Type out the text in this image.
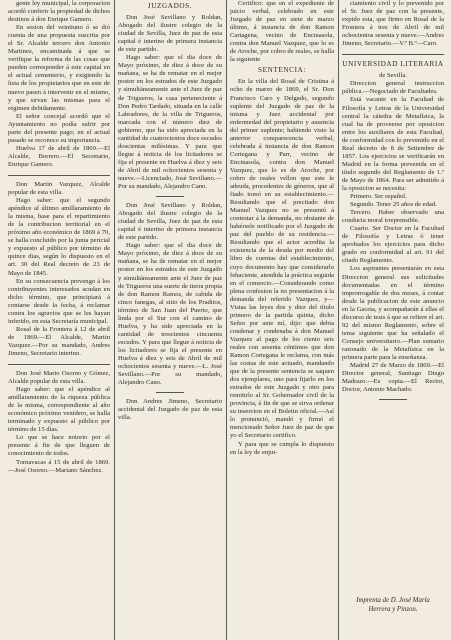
gente ley municipal, la corporacion acordó conferir la propiedad de dichos destinos á don Enrique Gamero.

En sesion del veintiuno ó se dió cuenta de una propuesta suscrita por el Sr. Alcalde tercero don Antonio Martinez, encaminada á que se verifique la reforma de las cosas que pueden corresponder á este capital en el actual cementerio, y exigiendo la lista de los propietarios que en este de nuevo pasen á intervenir en el mismo, y que sirvan las mismas para el régimen debidamente.

El señor concejal acordó que el Ayuntamiento no podía sufrir por parte del presente pago; en el actual pasado se reconoce su importancia.

Huelva 17 de abril de 1869.—El Alcalde, Borrero.—El Secretario, Enrique Gamero.

Don Martin Vazquez, Alcalde popular de esta villa.

Hago saber: que el segundo apéndice al último amillaramiento de la misma, base para el repartimiento de la contribucion territorial en el próximo año económico de 1869 á 70, se halla concluido por la junta pericial y expuesto al público por término de quince dias, según lo dispuesto en el art. 30 del Real decreto de 23 de Mayo de 1845.

En su consecuencia prevengo á los contribuyentes interesados acudan en dicho término, que principiará á contarse desde la fecha, á reclamar contra los agravios que se les hayan inferido, en esta Secretaría municipal.

Rosal de la Frontera á 12 de abril de 1869.—El Alcalde, Martin Vazquez.—Por su mandado, Andres Jimeno, Secretario interino.

Don José Mario Osorno y Gómez, Alcalde popular de esta villa.

Hago saber: que el apéndice al amillaramiento de la riqueza pública de la misma, correspondiente al año económico próximo venidero, se halla terminado y expuesto al público por término de 15 días.

Lo que se hace notorio por el presente á fin de que lleguen de conocimiento de todos.

Tornavacas á 15 de abril de 1869.—José Osorno.—Mariano Sánchez.

JUZGADOS.

Don José Sevillano y Roldan, Abogado del ilustre colegio de la ciudad de Sevilla, Juez de paz de esta capital é interino de primera instancia de este partido.

Hago saber: que el dia doce de Mayo próximo, de diez á doce de su mañana, se ha de rematar en el mejor postor en los estrados de este Juzgado y simultáneamente ante el Juez de paz de Trigueros, la casa perteneciente á Don Pedro Tardado, situada en la calle Labradores, de la villa de Trigueros, marcada con el número diez de gobierno, que ha sido apreciada en la cantidad de cuatrocientos doce escudos doscientas milésimas. Y para que llegue á noticia de los licitadores se fija el presente en Huelva á diez y seis de Abril de mil ochocientos sesenta y nueve.—Licenciado, José Sevillano.—Por su mandado, Alejandro Cano.

Don José Sevillano y Roldan, Abogado del ilustre colegio de la ciudad de Sevilla, Juez de paz de esta capital é interino de primera instancia de este partido.

Hago saber: que el dia doce de Mayo próximo, de diez á doce de su mañana, se ha de rematar en el mejor postor en los estrados de este Juzgado y simultáneamente ante el Juez de paz de Trigueros una suerte de tierra propia de don Ramon Ramos, de cabida de cinco fanegas, al sitio de los Praditos, término de San Juan del Puerto, que linda por el Sur con el camino de Huelva, y ha sido apreciada en la cantidad de trescientos cincuenta escudos. Y para que llegue á noticia de los licitadores se fija el presente en Huelva á diez y seis de Abril de mil ochocientos sesenta y nueve.—L. José Sevillano.—Por su mandado, Alejandro Cano.

Don Andres Jimeno, Secretario accidental del Juzgado de paz de esta villa.

Certifico: que en el expediente de juicio verbal, celebrado en este Juzgado de paz en siete de marzo último, á instancia de don Ramon Cartagena, vecino de Encinasola, contra don Manuel Vazquez, que lo es de Aroche, por cobro de reales, se halla la siguiente

SENTENCIA:

En la villa del Rosal de Cristina á ocho de marzo de 1869, el Sr. Don Francisco Caro y Delgado, segundo suplente del Juzgado de paz de la misma y Juez accidental por enfermedad del propietario y ausencia del primer suplente; habiendo visto la anterior comparecencia verbal, celebrada á instancia de don Ramon Cortegana y Parr, vecino de Encinasola, contra don Manuel Vazquez, que lo es de Aroche, por cobro de reales vellon que este le adeuda, procedentes de géneros, que al fiado tomó en su establecimiento.—Resultando que el precitado don Manuel Vazquez no se presentó á contestar á la demanda, no obstante de habérsele notificado por el Juzgado de paz del pueblo de su residencia.—Resultando que el actor acredita la existencia de la deuda por medio del libro de cuentas del establecimiento, cuyo documento hay que considerarlo fehaciente, atendida la práctica seguida en el comercio.—Considerando como plena confesion la no presentacion á la demanda del referido Vazquez, y—Vistas las leyes dos y diez del título primero de la partida quinta, dicho Señor por ante mí, dijo: que debia condenar y condenaba á don Manuel Vazquez al pago de los ciento seis reales con sesenta céntimos que don Ramon Cortegana le reclama, con más las costas de este actuado, mandando que de la presente sentencia se saquen dos ejemplares, uno para fijarlo en los estrados de este Juzgado y otro para remitirlo al Sr. Gobernador civil de la provincia, á fin de que se sirva ordenar su insercion en el Boletin oficial.—Así lo pronunció, mandó y firmó el mencionado Señor Juez de paz de que yo el Secretario certifico.

Y para que se cumpla lo dispuesto en la ley de enjui-

ciamiento civil y lo prevenido por el Sr. Juez de paz con la presente, expido esta, que firmo en Rosal de la Frontera á tres de Abril de mil ochocientos sesenta y nueve.—Andres Jimeno, Secretario.—V.º B.º—Caro.

UNIVERSIDAD LITERARIA
de Sevilla.

Direccion general instruccion pública.—Negociado de Facultades.

Está vacante en la Facultad de Filosofía y Letras de la Universidad central la cátedra de Metafísica, la cual ha de proveerse por oposicion entre los auxiliares de esta Facultad, de conformidad con lo prevenido en el Real decreto de 8 de Setiembre de 1857. Los ejercicios se verificarán en Madrid en la forma prevenida en el título segundo del Reglamento de 1.º de Mayo de 1864. Para ser admitido á la oposicion se necesita:

Primero. Ser español.

Segundo. Tener 25 años de edad.

Tercero. Haber observado una conducta moral irreprensible.

Cuarto. Ser Doctor en la Facultad de Filosofía y Letras ó tener aprobados los ejercicios para dicho grado en conformidad al art. 91 del citado Reglamento.

Los aspirantes presentarán en esta Direccion general sus solicitudes documentadas en el término improrrogable de dos meses, á contar desde la publicacion de este anuncio en la Gaceta, y acompañarán á ellas el discurso de tesis á que se refiere el art. 92 del mismo Reglamento, sobre el tema siguiente que ha señalado el Consejo universitario.—Plan sumario razonado de la Metafísica en la primera parte para la enseñanza.

Madrid 27 de Marzo de 1869.—El Director general, Santiago Diego Madrazo.—Es copia.—El Rector, Doctor, Antonio Machado.

Imprenta de D. José María
Herrera y Pinzon.
